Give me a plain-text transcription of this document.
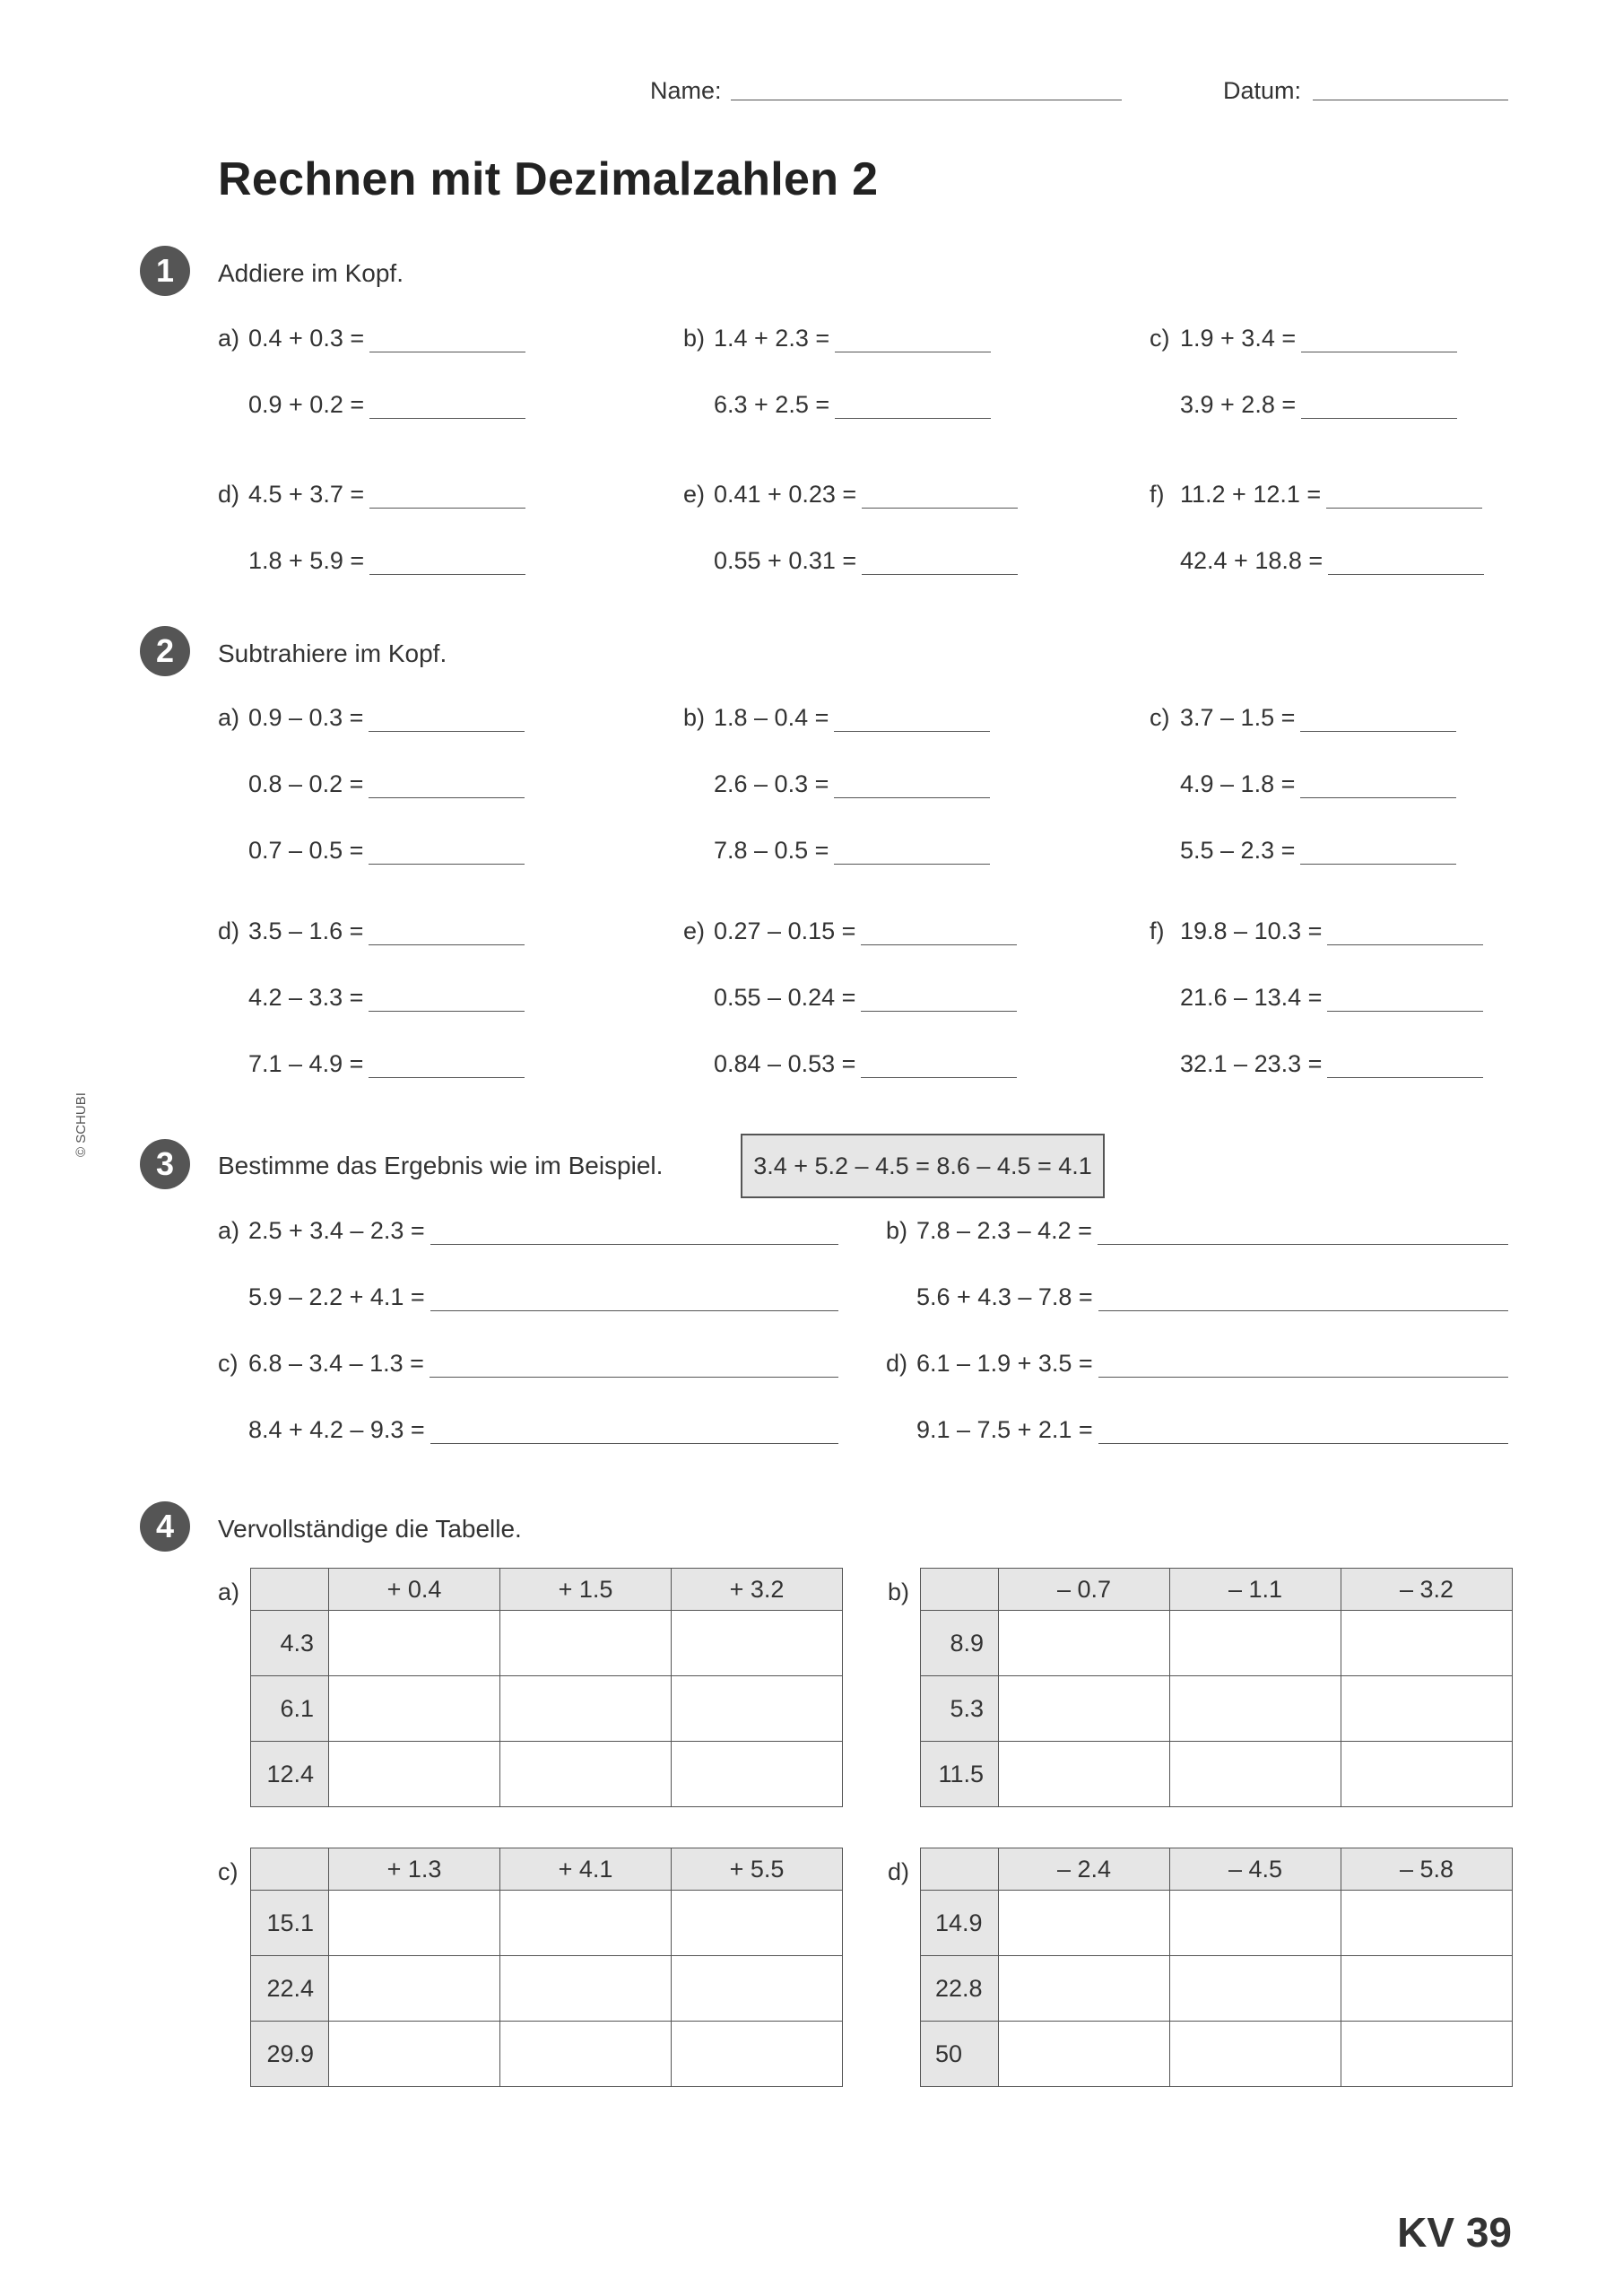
Name:	Datum:
Rechnen mit Dezimalzahlen 2
© SCHUBI
1	Addiere im Kopf.
a) 0.4 + 0.3 =
0.9 + 0.2 =
b) 1.4 + 2.3 =
6.3 + 2.5 =
c) 1.9 + 3.4 =
3.9 + 2.8 =
d) 4.5 + 3.7 =
1.8 + 5.9 =
e) 0.41 + 0.23 =
0.55 + 0.31 =
f) 11.2 + 12.1 =
42.4 + 18.8 =
2	Subtrahiere im Kopf.
a) 0.9 – 0.3 =
0.8 – 0.2 =
0.7 – 0.5 =
b) 1.8 – 0.4 =
2.6 – 0.3 =
7.8 – 0.5 =
c) 3.7 – 1.5 =
4.9 – 1.8 =
5.5 – 2.3 =
d) 3.5 – 1.6 =
4.2 – 3.3 =
7.1 – 4.9 =
e) 0.27 – 0.15 =
0.55 – 0.24 =
0.84 – 0.53 =
f) 19.8 – 10.3 =
21.6 – 13.4 =
32.1 – 23.3 =
3	Bestimme das Ergebnis wie im Beispiel.	3.4 + 5.2 – 4.5 = 8.6 – 4.5 = 4.1
a) 2.5 + 3.4 – 2.3 =
5.9 – 2.2 + 4.1 =
b) 7.8 – 2.3 – 4.2 =
5.6 + 4.3 – 7.8 =
c) 6.8 – 3.4 – 1.3 =
8.4 + 4.2 – 9.3 =
d) 6.1 – 1.9 + 3.5 =
9.1 – 7.5 + 2.1 =
4	Vervollständige die Tabelle.
a)
		+ 0.4	+ 1.5	+ 3.2
4.3			
6.1			
12.4			
b)
		– 0.7	– 1.1	– 3.2
8.9			
5.3			
11.5			
c)
		+ 1.3	+ 4.1	+ 5.5
15.1			
22.4			
29.9			
d)
		– 2.4	– 4.5	– 5.8
14.9			
22.8			
50			
KV 39
